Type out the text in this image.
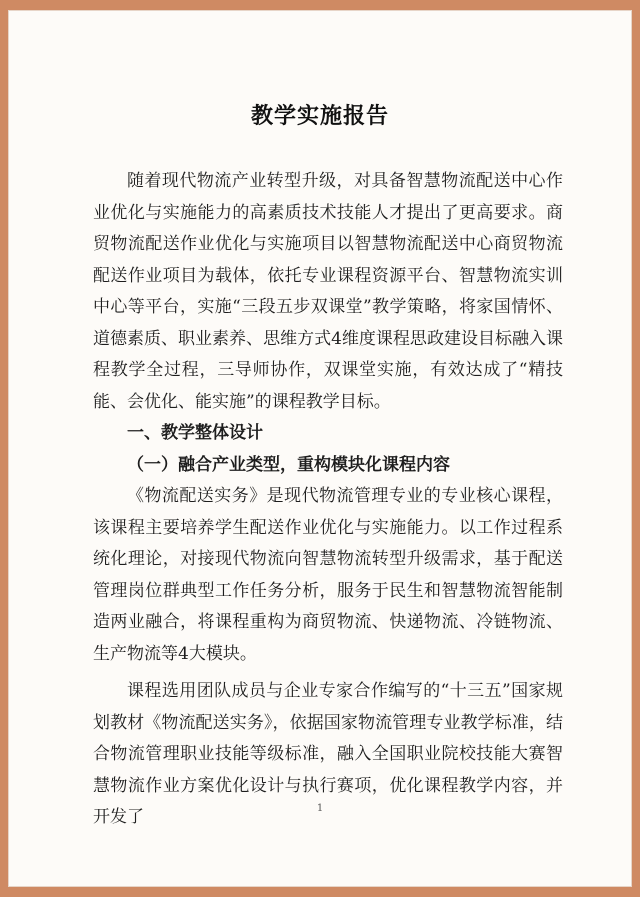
教学实施报告

随着现代物流产业转型升级，对具备智慧物流配送中心作业优化与实施能力的高素质技术技能人才提出了更高要求。商贸物流配送作业优化与实施项目以智慧物流配送中心商贸物流配送作业项目为载体，依托专业课程资源平台、智慧物流实训中心等平台，实施“三段五步双课堂”教学策略，将家国情怀、道德素质、职业素养、思维方式4维度课程思政建设目标融入课程教学全过程，三导师协作，双课堂实施，有效达成了“精技能、会优化、能实施”的课程教学目标。

一、教学整体设计

（一）融合产业类型，重构模块化课程内容

《物流配送实务》是现代物流管理专业的专业核心课程，该课程主要培养学生配送作业优化与实施能力。以工作过程系统化理论，对接现代物流向智慧物流转型升级需求，基于配送管理岗位群典型工作任务分析，服务于民生和智慧物流智能制造两业融合，将课程重构为商贸物流、快递物流、冷链物流、生产物流等4大模块。

课程选用团队成员与企业专家合作编写的“十三五”国家规划教材《物流配送实务》，依据国家物流管理专业教学标准，结合物流管理职业技能等级标准，融入全国职业院校技能大赛智慧物流作业方案优化设计与执行赛项，优化课程教学内容，并开发了	1
